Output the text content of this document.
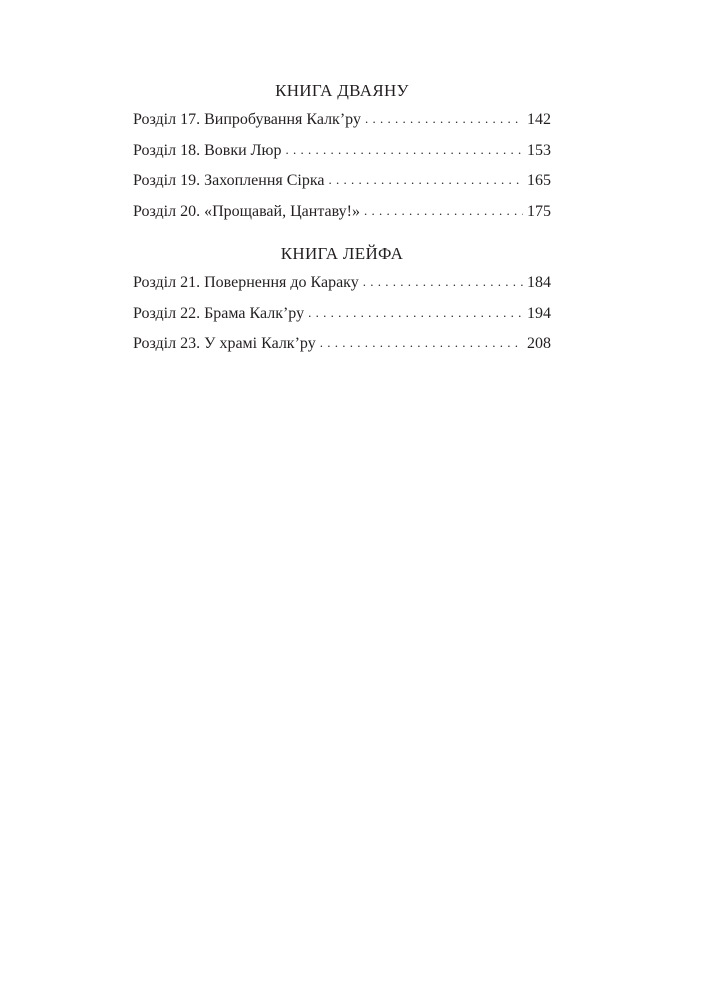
КНИГА ДВАЯНУ
Розділ 17. Випробування Калк’ру . . .	142
Розділ 18. Вовки Люр . . .	153
Розділ 19. Захоплення Сірка . . .	165
Розділ 20. «Прощавай, Цантаву!» . . .	175
КНИГА ЛЕЙФА
Розділ 21. Повернення до Караку . . .	184
Розділ 22. Брама Калк’ру . . .	194
Розділ 23. У храмі Калк’ру . . .	208
